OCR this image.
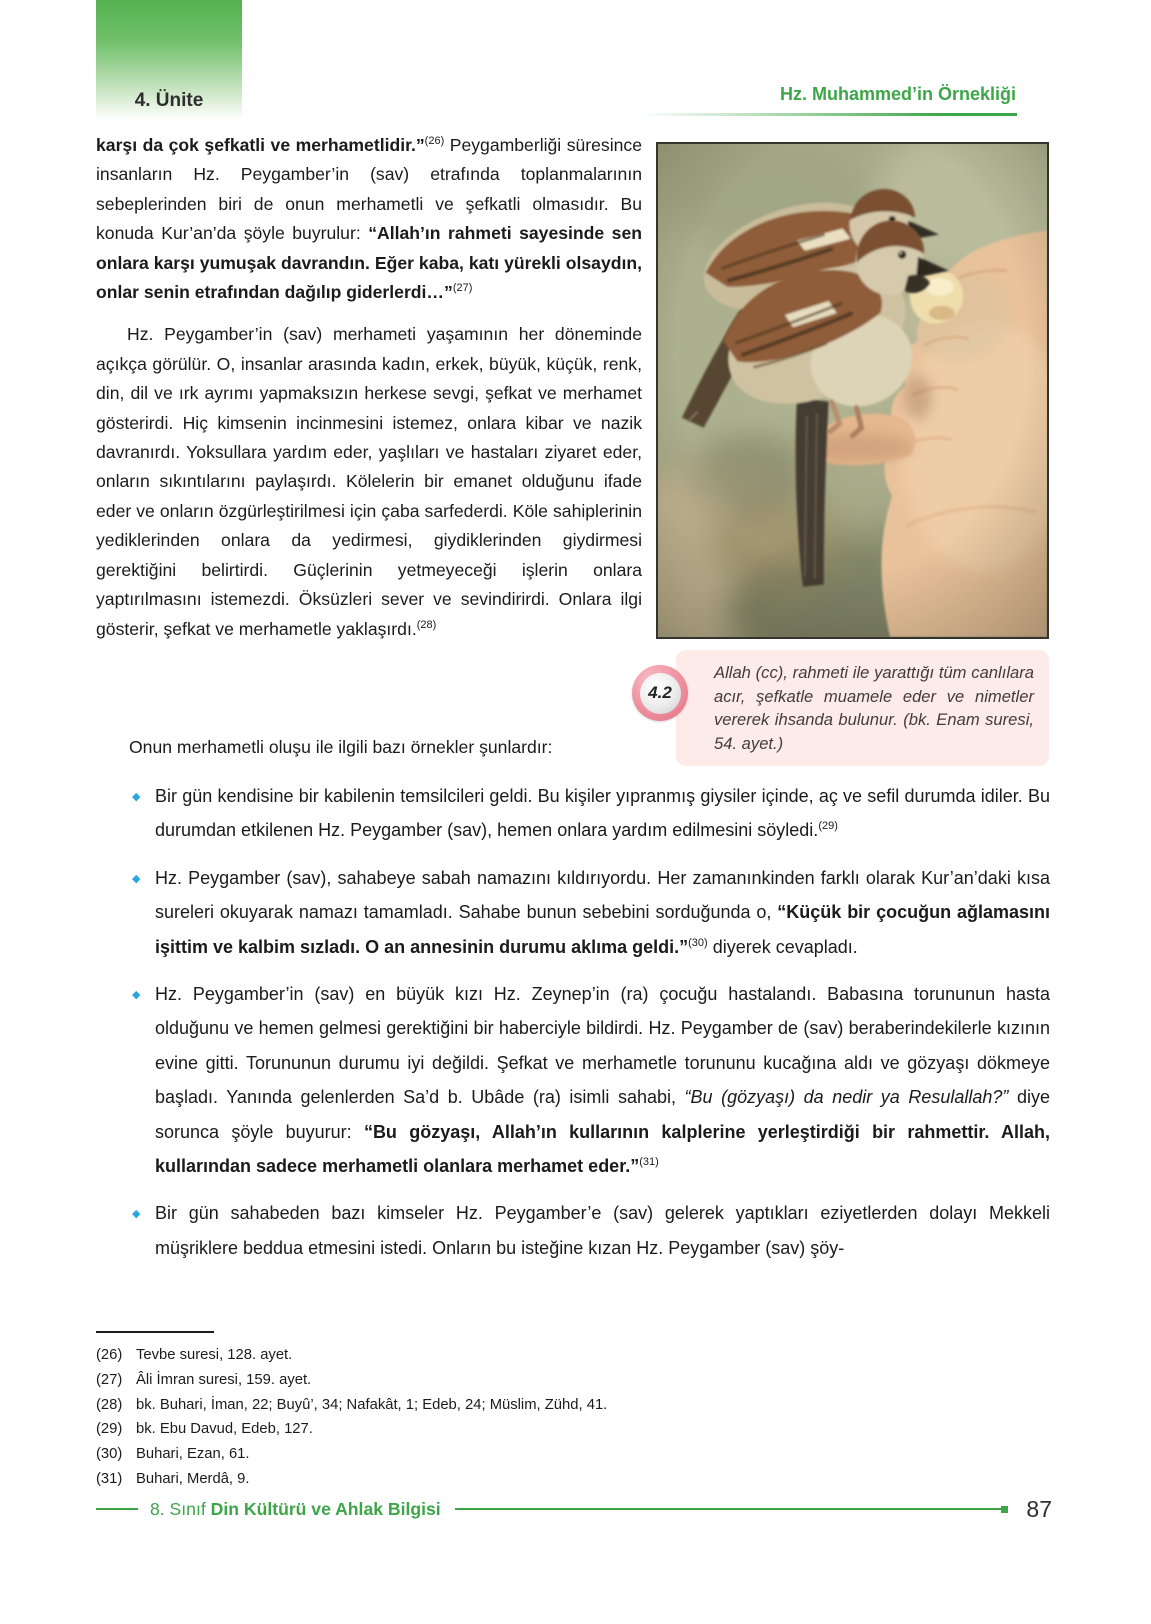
4. Ünite	Hz. Muhammed’in Örnekliği

karşı da çok şefkatli ve merhametlidir.”$^{(26)}$ Peygamberliği süresince insanların Hz. Peygamber’in (sav) etrafında toplanmalarının sebeplerinden biri de onun merhametli ve şefkatli olmasıdır. Bu konuda Kur’an’da şöyle buyrulur: “Allah’ın rahmeti sayesinde sen onlara karşı yumuşak davrandın. Eğer kaba, katı yürekli olsaydın, onlar senin etrafından dağılıp giderlerdi…”$^{(27)}$

Hz. Peygamber’in (sav) merhameti yaşamının her döneminde açıkça görülür. O, insanlar arasında kadın, erkek, büyük, küçük, renk, din, dil ve ırk ayrımı yapmaksızın herkese sevgi, şefkat ve merhamet gösterirdi. Hiç kimsenin incinmesini istemez, onlara kibar ve nazik davranırdı. Yoksullara yardım eder, yaşlıları ve hastaları ziyaret eder, onların sıkıntılarını paylaşırdı. Kölelerin bir emanet olduğunu ifade eder ve onların özgürleştirilmesi için çaba sarfederdi. Köle sahiplerinin yediklerinden onlara da yedirmesi, giydiklerinden giydirmesi gerektiğini belirtirdi. Güçlerinin yetmeyeceği işlerin onlara yaptırılmasını istemezdi. Öksüzleri sever ve sevindirirdi. Onlara ilgi gösterir, şefkat ve merhametle yaklaşırdı.$^{(28)}$

4.2
Allah (cc), rahmeti ile yarattığı tüm canlılara acır, şefkatle muamele eder ve nimetler vererek ihsanda bulunur. (bk. Enam suresi, 54. ayet.)

Onun merhametli oluşu ile ilgili bazı örnekler şunlardır:

◆ Bir gün kendisine bir kabilenin temsilcileri geldi. Bu kişiler yıpranmış giysiler içinde, aç ve sefil durumda idiler. Bu durumdan etkilenen Hz. Peygamber (sav), hemen onlara yardım edilmesini söyledi.$^{(29)}$
◆ Hz. Peygamber (sav), sahabeye sabah namazını kıldırıyordu. Her zamanınkinden farklı olarak Kur’an’daki kısa sureleri okuyarak namazı tamamladı. Sahabe bunun sebebini sorduğunda o, “Küçük bir çocuğun ağlamasını işittim ve kalbim sızladı. O an annesinin durumu aklıma geldi.”$^{(30)}$ diyerek cevapladı.
◆ Hz. Peygamber’in (sav) en büyük kızı Hz. Zeynep’in (ra) çocuğu hastalandı. Babasına torununun hasta olduğunu ve hemen gelmesi gerektiğini bir haberciyle bildirdi. Hz. Peygamber de (sav) beraberindekilerle kızının evine gitti. Torununun durumu iyi değildi. Şefkat ve merhametle torununu kucağına aldı ve gözyaşı dökmeye başladı. Yanında gelenlerden Sa’d b. Ubâde (ra) isimli sahabi, “Bu (gözyaşı) da nedir ya Resulallah?” diye sorunca şöyle buyurur: “Bu gözyaşı, Allah’ın kullarının kalplerine yerleştirdiği bir rahmettir. Allah, kullarından sadece merhametli olanlara merhamet eder.”$^{(31)}$
◆ Bir gün sahabeden bazı kimseler Hz. Peygamber’e (sav) gelerek yaptıkları eziyetlerden dolayı Mekkeli müşriklere beddua etmesini istedi. Onların bu isteğine kızan Hz. Peygamber (sav) şöy-
(26) Tevbe suresi, 128. ayet.
(27) Âli İmran suresi, 159. ayet.
(28) bk. Buhari, İman, 22; Buyû’, 34; Nafakât, 1; Edeb, 24; Müslim, Zühd, 41.
(29) bk. Ebu Davud, Edeb, 127.
(30) Buhari, Ezan, 61.
(31) Buhari, Merdâ, 9.
8. Sınıf Din Kültürü ve Ahlak Bilgisi	87
